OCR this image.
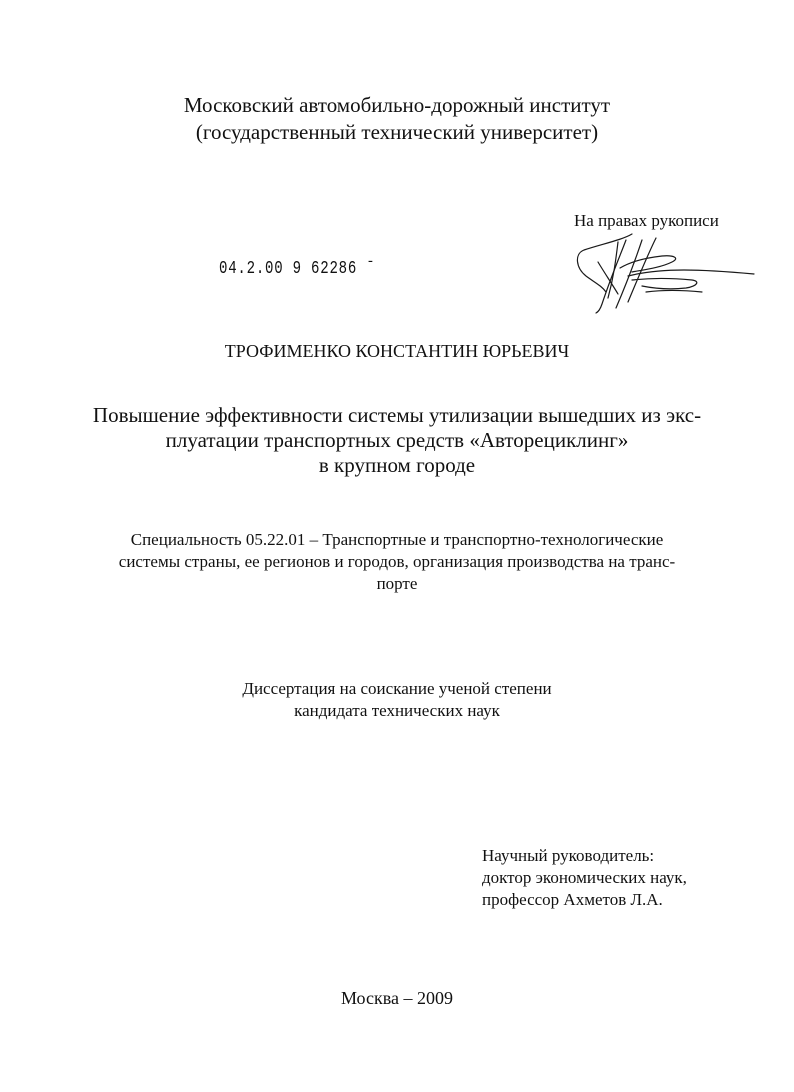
Московский автомобильно-дорожный институт
(государственный технический университет)
На правах рукописи
04.2.00 9 62286 ˉ
ТРОФИМЕНКО КОНСТАНТИН ЮРЬЕВИЧ
Повышение эффективности системы утилизации вышедших из экс-
плуатации транспортных средств «Авторециклинг»
в крупном городе
Специальность 05.22.01 – Транспортные и транспортно-технологические
системы страны, ее регионов и городов, организация производства на транс-
порте
Диссертация на соискание ученой степени
кандидата технических наук
Научный руководитель:
доктор экономических наук,
профессор Ахметов Л.А.
Москва – 2009
